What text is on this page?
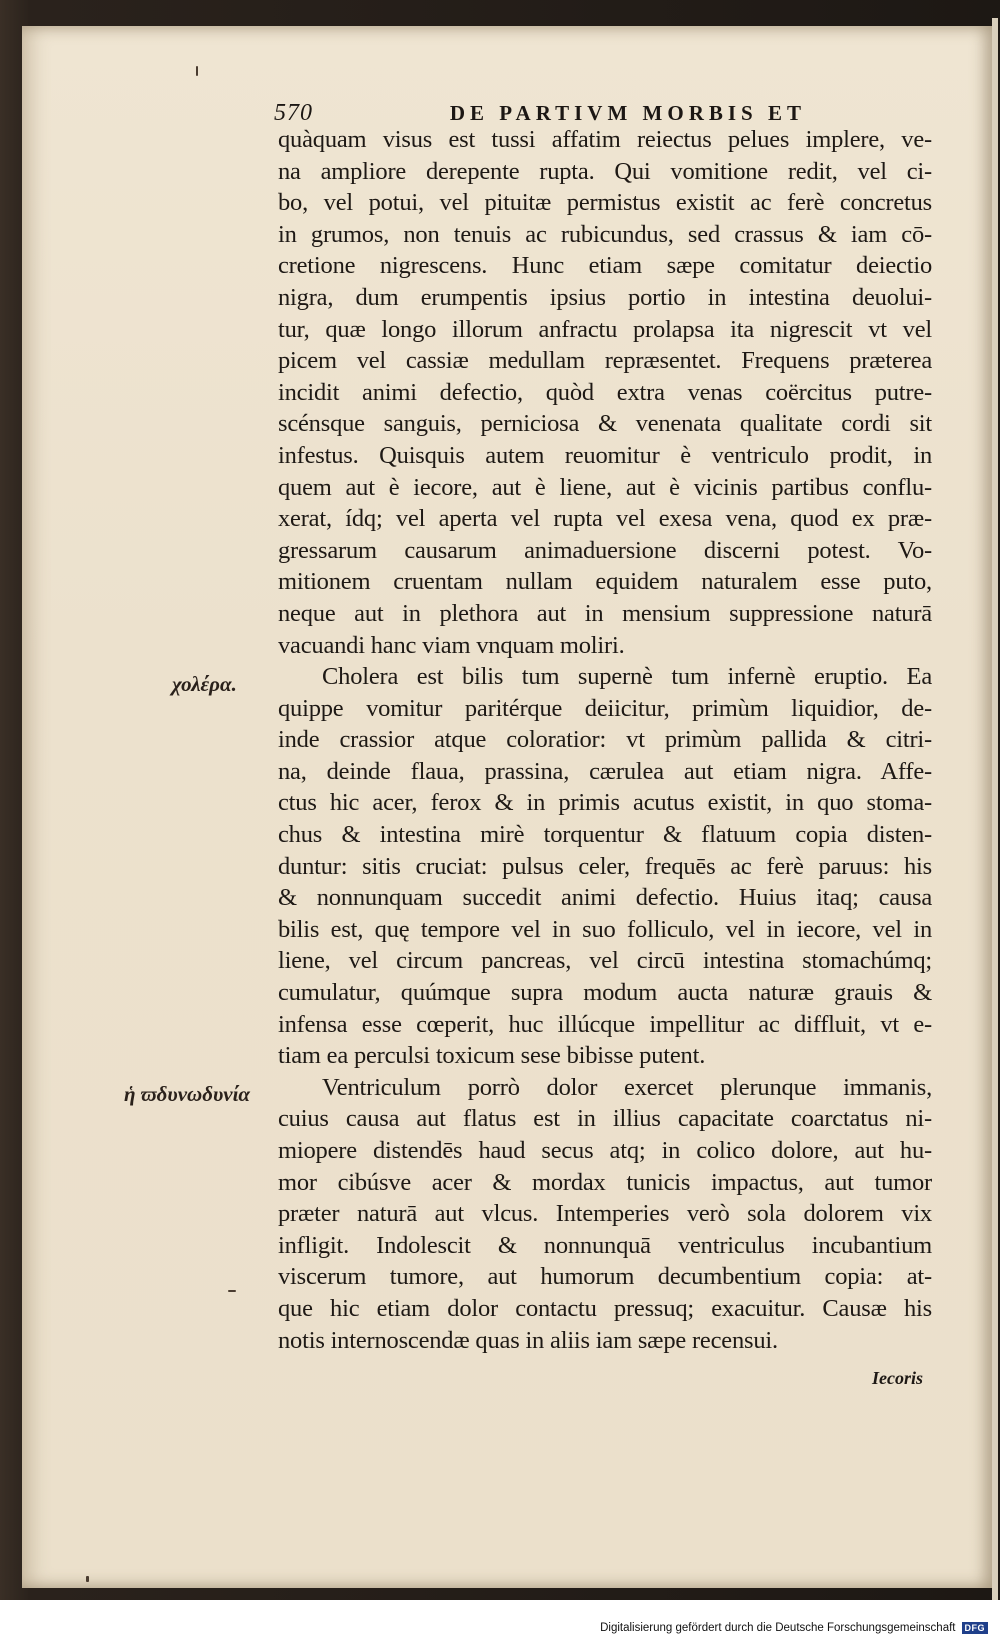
570	DE PARTIVM MORBIS ET
χολέρα.
ἡ ϖδυνωδυνία
quàquam visus est tussi affatim reiectus pelues implere, ve-
na ampliore derepente rupta. Qui vomitione redit, vel ci-
bo, vel potui, vel pituitæ permistus existit ac ferè concretus
in grumos, non tenuis ac rubicundus, sed crassus & iam cō-
cretione nigrescens. Hunc etiam sæpe comitatur deiectio
nigra, dum erumpentis ipsius portio in intestina deuolui-
tur, quæ longo illorum anfractu prolapsa ita nigrescit vt vel
picem vel cassiæ medullam repræsentet. Frequens præterea
incidit animi defectio, quòd extra venas coërcitus putre-
scénsque sanguis, perniciosa & venenata qualitate cordi sit
infestus. Quisquis autem reuomitur è ventriculo prodit, in
quem aut è iecore, aut è liene, aut è vicinis partibus conflu-
xerat, ídq; vel aperta vel rupta vel exesa vena, quod ex præ-
gressarum causarum animaduersione discerni potest. Vo-
mitionem cruentam nullam equidem naturalem esse puto,
neque aut in plethora aut in mensium suppressione naturā
vacuandi hanc viam vnquam moliri.
Cholera est bilis tum supernè tum infernè eruptio. Ea
quippe vomitur paritérque deiicitur, primùm liquidior, de-
inde crassior atque coloratior: vt primùm pallida & citri-
na, deinde flaua, prassina, cærulea aut etiam nigra. Affe-
ctus hic acer, ferox & in primis acutus existit, in quo stoma-
chus & intestina mirè torquentur & flatuum copia disten-
duntur: sitis cruciat: pulsus celer, frequēs ac ferè paruus: his
& nonnunquam succedit animi defectio. Huius itaq; causa
bilis est, quę tempore vel in suo folliculo, vel in iecore, vel in
liene, vel circum pancreas, vel circū intestina stomachúmq;
cumulatur, quúmque supra modum aucta naturæ grauis &
infensa esse cœperit, huc illúcque impellitur ac diffluit, vt e-
tiam ea perculsi toxicum sese bibisse putent.
Ventriculum porrò dolor exercet plerunque immanis,
cuius causa aut flatus est in illius capacitate coarctatus ni-
miopere distendēs haud secus atq; in colico dolore, aut hu-
mor cibúsve acer & mordax tunicis impactus, aut tumor
præter naturā aut vlcus. Intemperies verò sola dolorem vix
infligit. Indolescit & nonnunquā ventriculus incubantium
viscerum tumore, aut humorum decumbentium copia: at-
que hic etiam dolor contactu pressuq; exacuitur. Causæ his
notis internoscendæ quas in aliis iam sæpe recensui.
Iecoris
Digitalisierung gefördert durch die Deutsche Forschungsgemeinschaft	DFG
